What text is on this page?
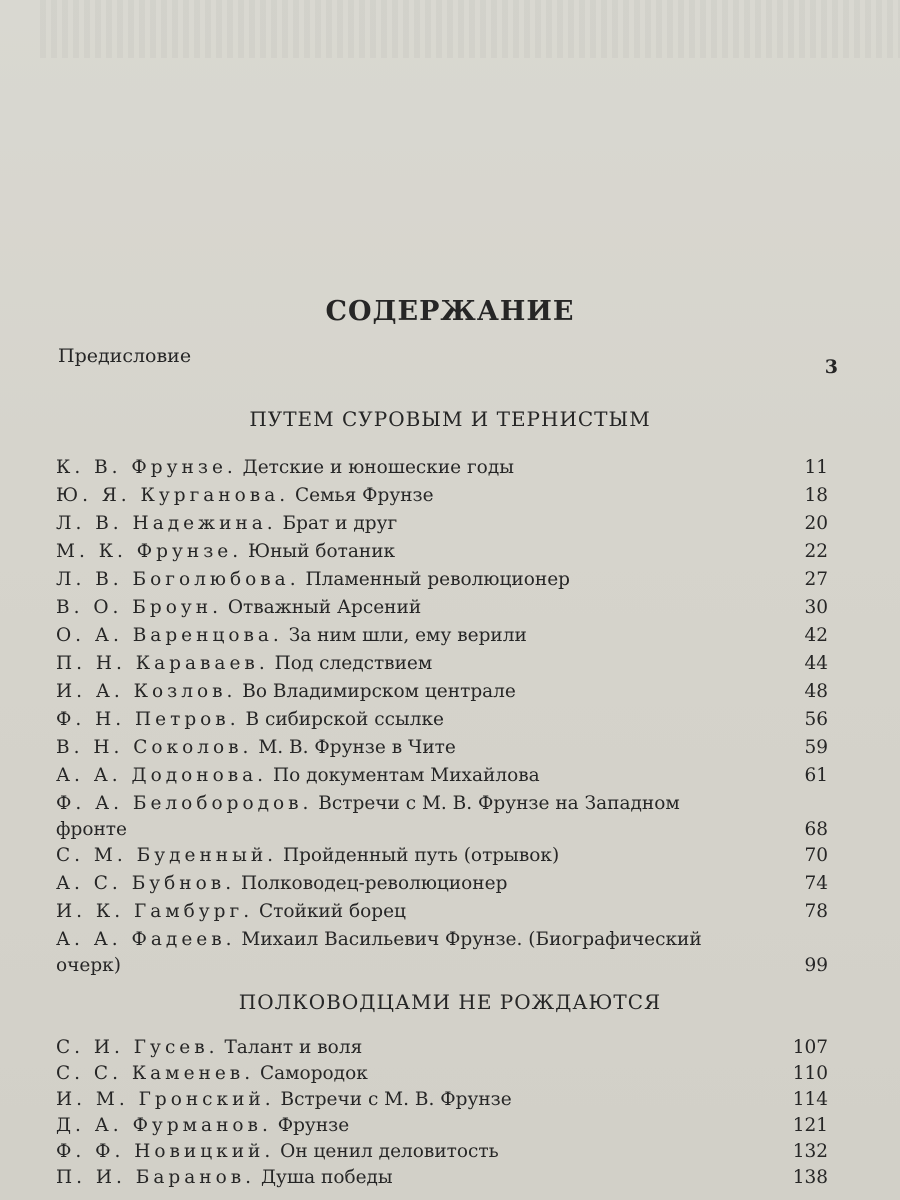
СОДЕРЖАНИЕ
Предисловие	3
ПУТЕМ СУРОВЫМ И ТЕРНИСТЫМ
ПОЛКОВОДЦАМИ НЕ РОЖДАЮТСЯ
К. В. Фрунзе. Детские и юношеские годы	11
Ю. Я. Курганова. Семья Фрунзе	18
Л. В. Надежина. Брат и друг	20
М. К. Фрунзе. Юный ботаник	22
Л. В. Боголюбова. Пламенный революционер	27
В. О. Броун. Отважный Арсений	30
О. А. Варенцова. За ним шли, ему верили	42
П. Н. Караваев. Под следствием	44
И. А. Козлов. Во Владимирском централе	48
Ф. Н. Петров. В сибирской ссылке	56
В. Н. Соколов. М. В. Фрунзе в Чите	59
А. А. Додонова. По документам Михайлова	61
Ф. А. Белобородов. Встречи с М. В. Фрунзе на Западном фронте	68
С. М. Буденный. Пройденный путь (отрывок)	70
А. С. Бубнов. Полководец-революционер	74
И. К. Гамбург. Стойкий борец	78
А. А. Фадеев. Михаил Васильевич Фрунзе. (Биографический очерк)	99
С. И. Гусев. Талант и воля	107
С. С. Каменев. Самородок	110
И. М. Гронский. Встречи с М. В. Фрунзе	114
Д. А. Фурманов. Фрунзе	121
Ф. Ф. Новицкий. Он ценил деловитость	132
П. И. Баранов. Душа победы	138
